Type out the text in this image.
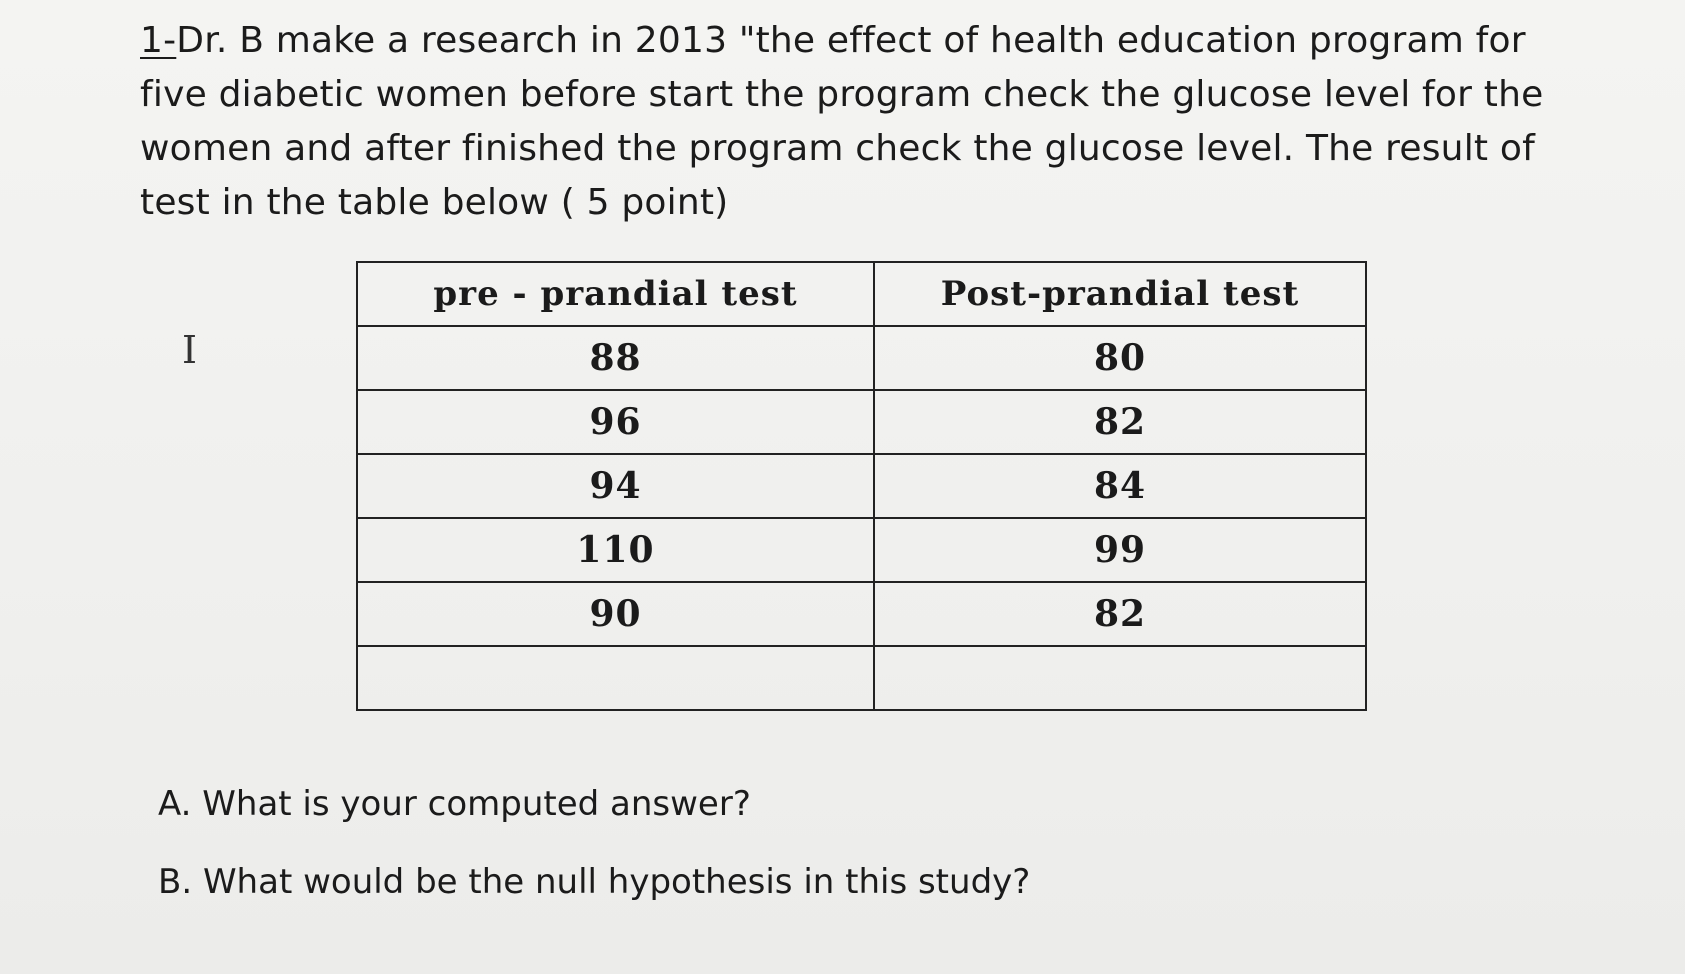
1-Dr. B make a research in 2013 "the effect of health education program for five diabetic women before start the program check the glucose level for the women and after finished the program check the glucose level. The result of test in the table below ( 5 point)
I
pre - prandial test	Post-prandial test
88	80
96	82
94	84
110	99
90	82

A. What is your computed answer?
B. What would be the null hypothesis in this study?
